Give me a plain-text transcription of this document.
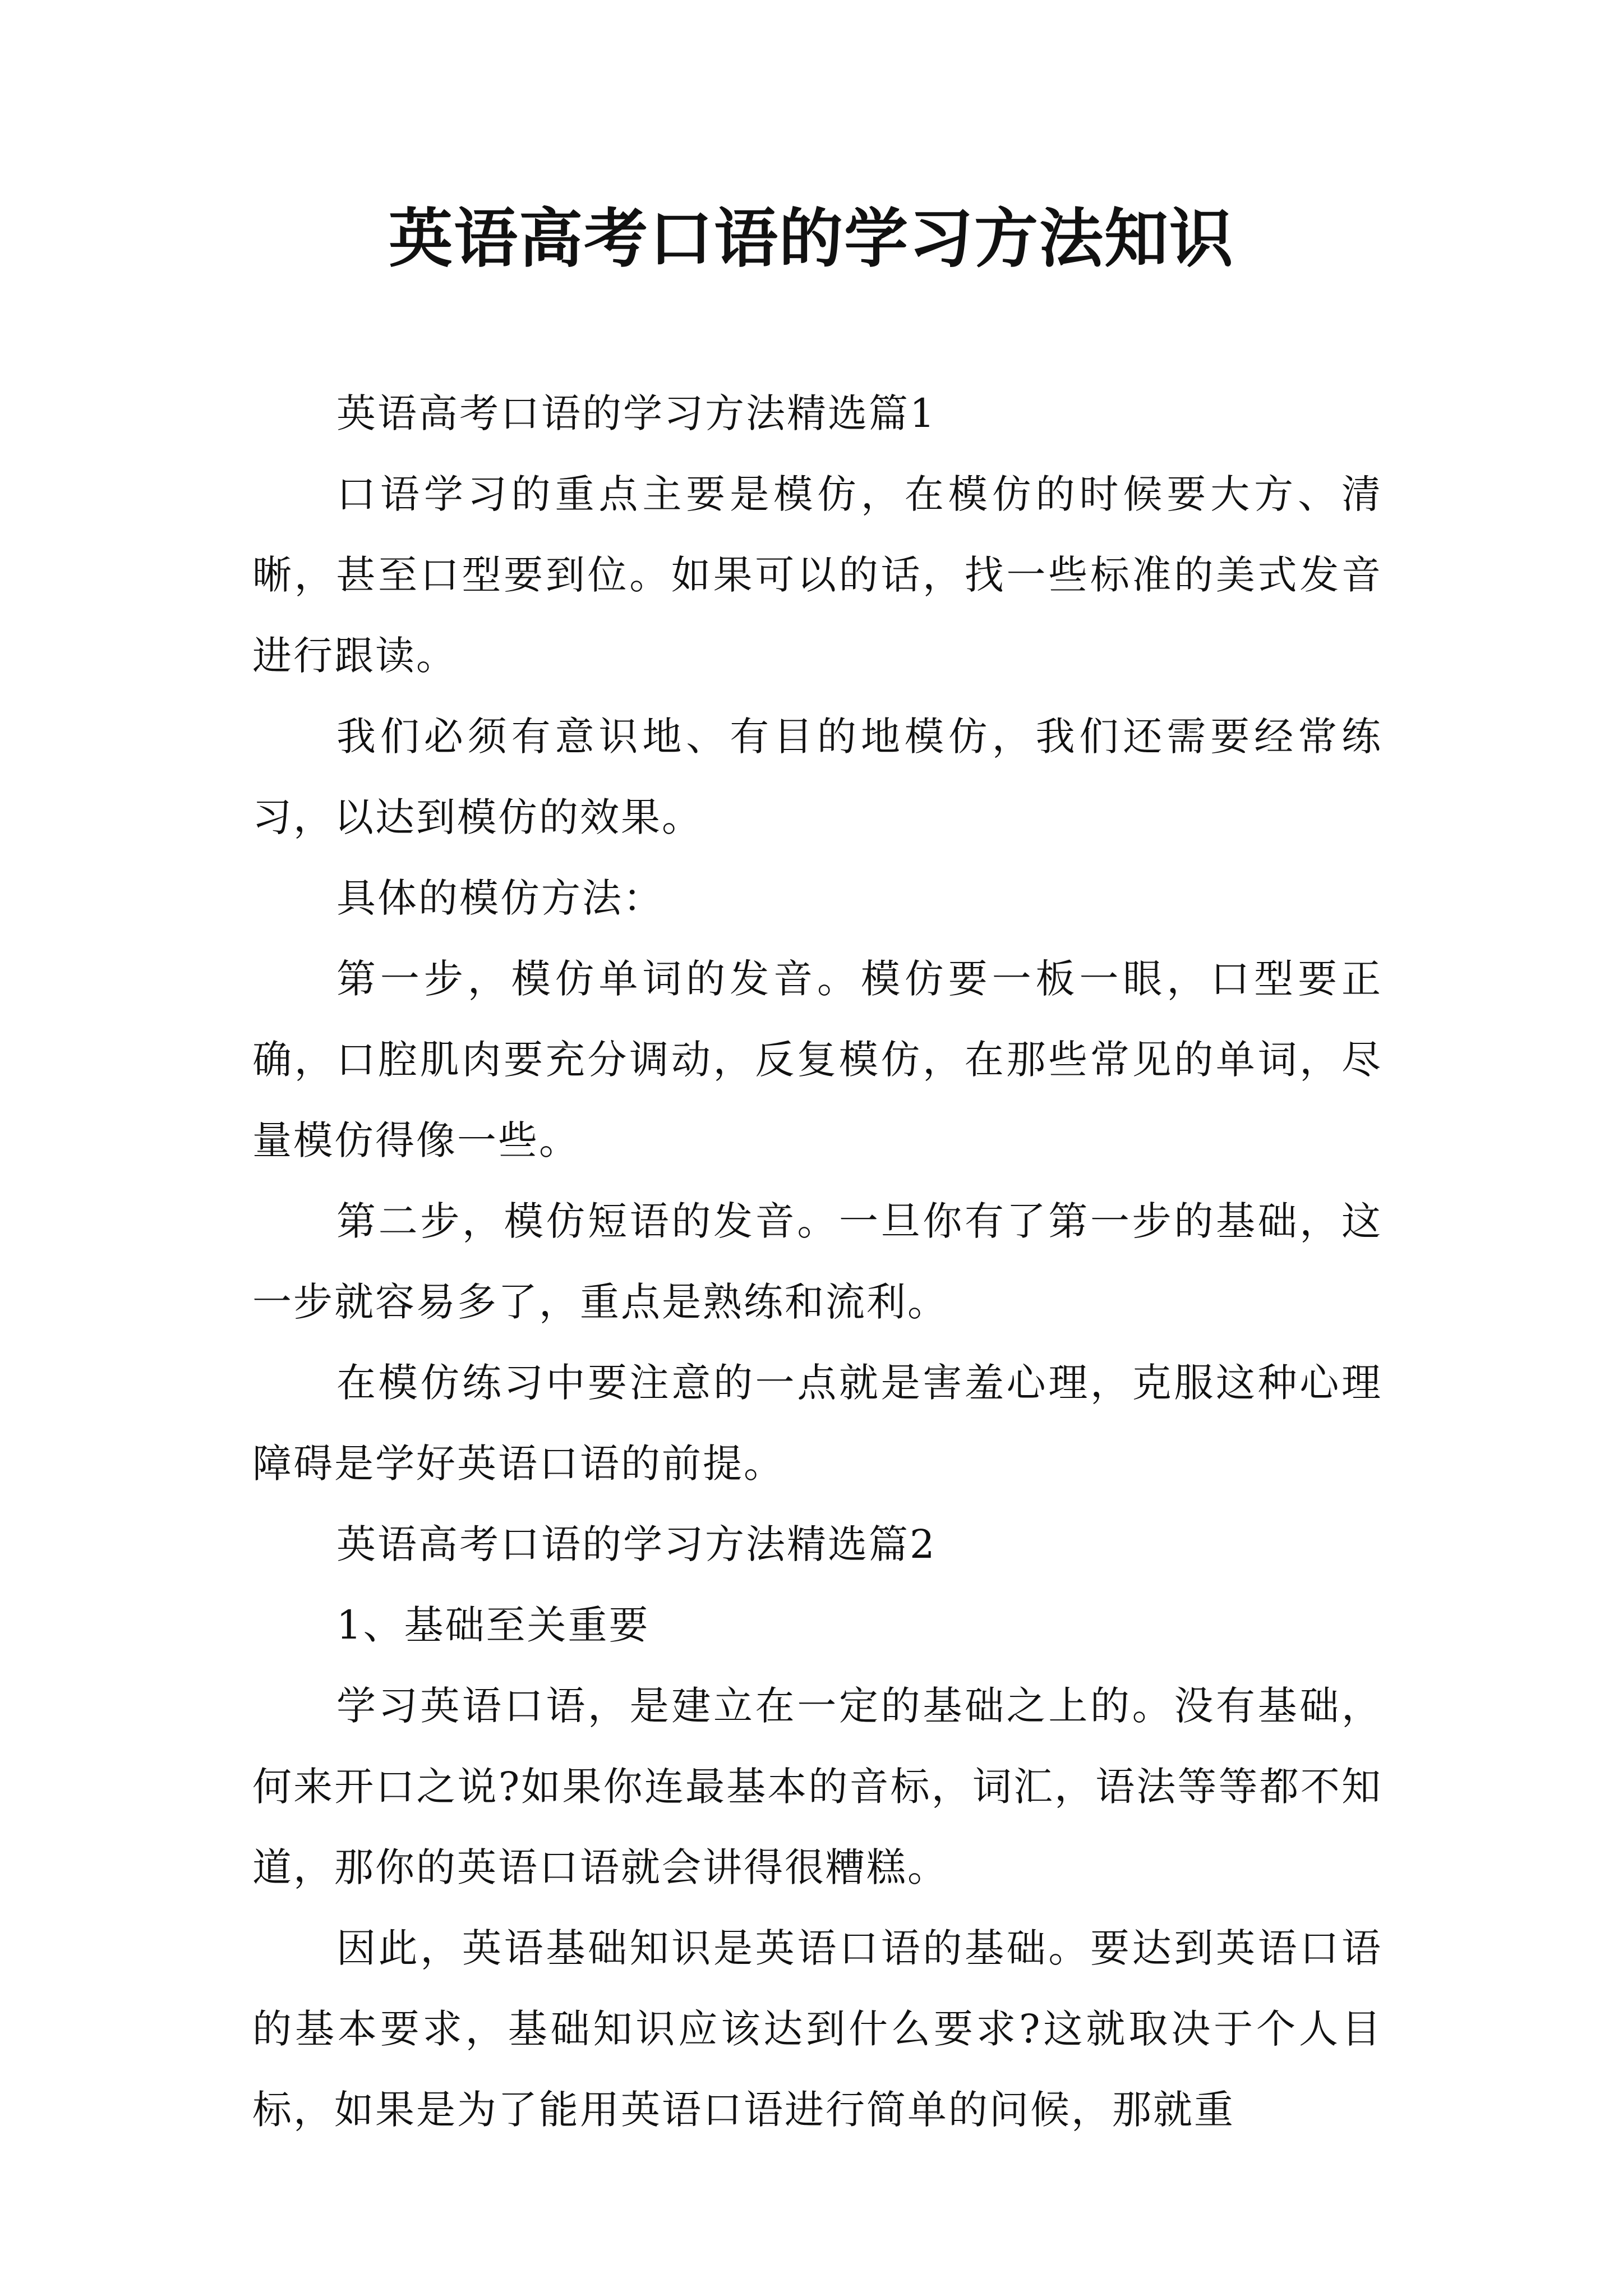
英语高考口语的学习方法知识

英语高考口语的学习方法精选篇1

口语学习的重点主要是模仿，在模仿的时候要大方、清晰，甚至口型要到位。如果可以的话，找一些标准的美式发音进行跟读。

我们必须有意识地、有目的地模仿，我们还需要经常练习，以达到模仿的效果。

具体的模仿方法：

第一步，模仿单词的发音。模仿要一板一眼，口型要正确，口腔肌肉要充分调动，反复模仿，在那些常见的单词，尽量模仿得像一些。

第二步，模仿短语的发音。一旦你有了第一步的基础，这一步就容易多了，重点是熟练和流利。

在模仿练习中要注意的一点就是害羞心理，克服这种心理障碍是学好英语口语的前提。

英语高考口语的学习方法精选篇2

1、基础至关重要

学习英语口语，是建立在一定的基础之上的。没有基础，何来开口之说?如果你连最基本的音标，词汇，语法等等都不知道，那你的英语口语就会讲得很糟糕。

因此，英语基础知识是英语口语的基础。要达到英语口语的基本要求，基础知识应该达到什么要求?这就取决于个人目标，如果是为了能用英语口语进行简单的问候，那就重
